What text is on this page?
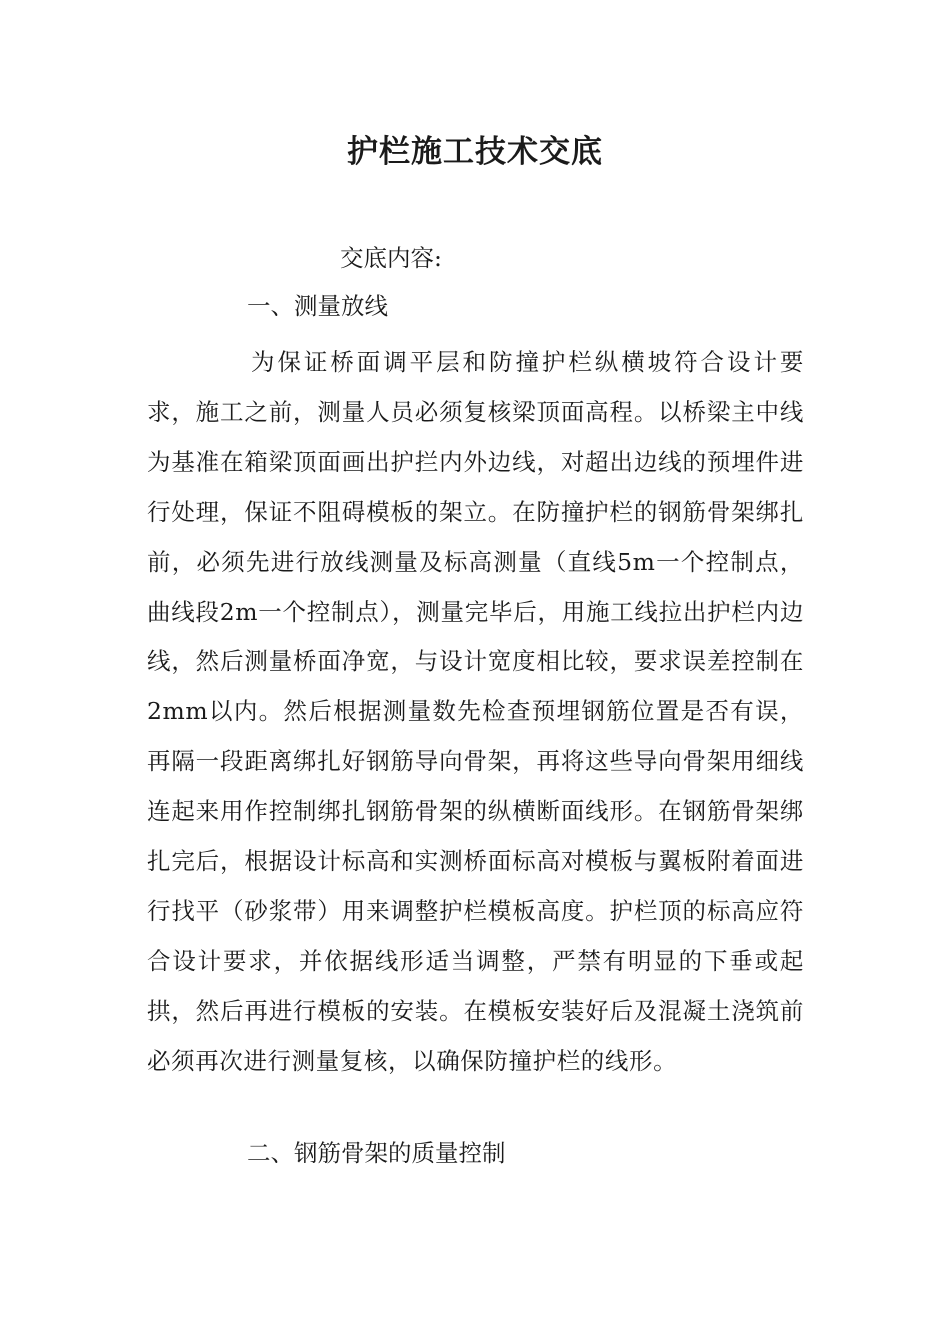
护栏施工技术交底

交底内容:

一、测量放线

为保证桥面调平层和防撞护栏纵横坡符合设计要求，施工之前，测量人员必须复核梁顶面高程。以桥梁主中线为基准在箱梁顶面画出护拦内外边线，对超出边线的预埋件进行处理，保证不阻碍模板的架立。在防撞护栏的钢筋骨架绑扎前，必须先进行放线测量及标高测量（直线5m一个控制点，曲线段2m一个控制点），测量完毕后，用施工线拉出护栏内边线，然后测量桥面净宽，与设计宽度相比较，要求误差控制在2mm以内。然后根据测量数先检查预埋钢筋位置是否有误，再隔一段距离绑扎好钢筋导向骨架，再将这些导向骨架用细线连起来用作控制绑扎钢筋骨架的纵横断面线形。在钢筋骨架绑扎完后，根据设计标高和实测桥面标高对模板与翼板附着面进行找平（砂浆带）用来调整护栏模板高度。护栏顶的标高应符合设计要求，并依据线形适当调整，严禁有明显的下垂或起拱，然后再进行模板的安装。在模板安装好后及混凝土浇筑前必须再次进行测量复核，以确保防撞护栏的线形。

二、钢筋骨架的质量控制
